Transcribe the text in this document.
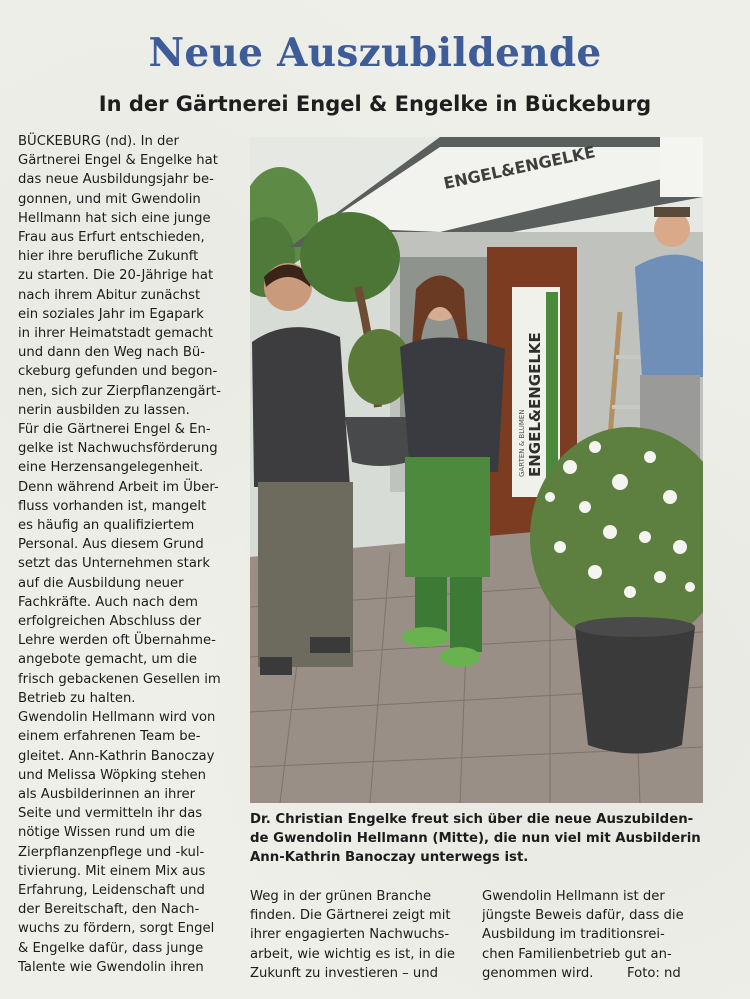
Neue Auszubildende
In der Gärtnerei Engel & Engelke in Bückeburg
BÜCKEBURG (nd). In der
Gärtnerei Engel & Engelke hat
das neue Ausbildungsjahr be-
gonnen, und mit Gwendolin
Hellmann hat sich eine junge
Frau aus Erfurt entschieden,
hier ihre berufliche Zukunft
zu starten. Die 20-Jährige hat
nach ihrem Abitur zunächst
ein soziales Jahr im Egapark
in ihrer Heimatstadt gemacht
und dann den Weg nach Bü-
ckeburg gefunden und begon-
nen, sich zur Zierpflanzengärt-
nerin ausbilden zu lassen.
Für die Gärtnerei Engel & En-
gelke ist Nachwuchsförderung
eine Herzensangelegenheit.
Denn während Arbeit im Über-
fluss vorhanden ist, mangelt
es häufig an qualifiziertem
Personal. Aus diesem Grund
setzt das Unternehmen stark
auf die Ausbildung neuer
Fachkräfte. Auch nach dem
erfolgreichen Abschluss der
Lehre werden oft Übernahme-
angebote gemacht, um die
frisch gebackenen Gesellen im
Betrieb zu halten.
Gwendolin Hellmann wird von
einem erfahrenen Team be-
gleitet. Ann-Kathrin Banoczay
und Melissa Wöpking stehen
als Ausbilderinnen an ihrer
Seite und vermitteln ihr das
nötige Wissen rund um die
Zierpflanzenpflege und -kul-
tivierung. Mit einem Mix aus
Erfahrung, Leidenschaft und
der Bereitschaft, den Nach-
wuchs zu fördern, sorgt Engel
& Engelke dafür, dass junge
Talente wie Gwendolin ihren
ENGEL&ENGELKE
ENGEL&ENGELKE
GARTEN & BLUMEN
Dr. Christian Engelke freut sich über die neue Auszubilden-
de Gwendolin Hellmann (Mitte), die nun viel mit Ausbilderin
Ann-Kathrin Banoczay unterwegs ist.
Weg in der grünen Branche
finden. Die Gärtnerei zeigt mit
ihrer engagierten Nachwuchs-
arbeit, wie wichtig es ist, in die
Zukunft zu investieren – und
Gwendolin Hellmann ist der
jüngste Beweis dafür, dass die
Ausbildung im traditionsrei-
chen Familienbetrieb gut an-
genommen wird.        Foto: nd
